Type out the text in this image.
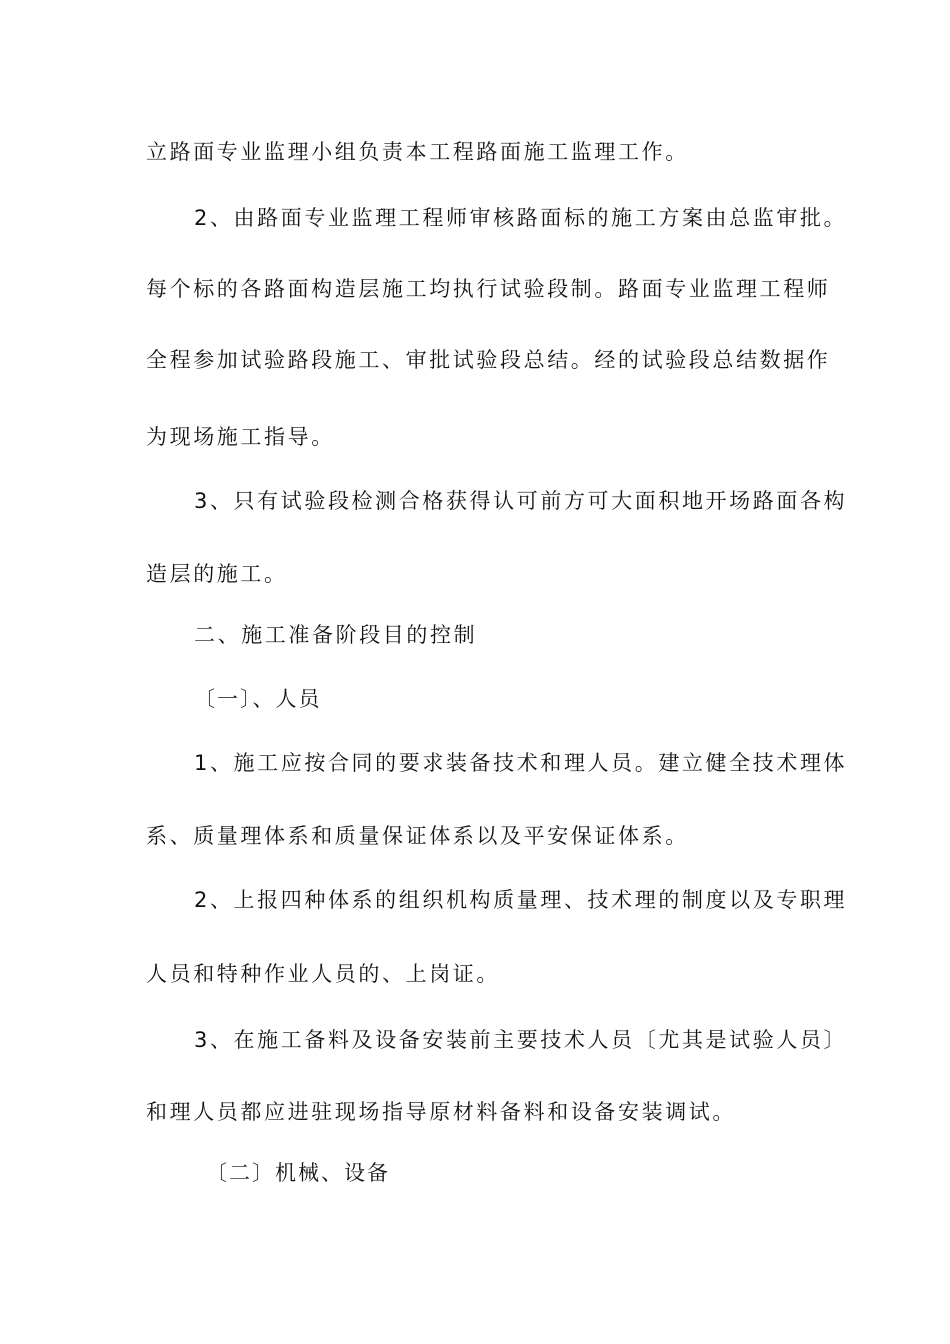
立路面专业监理小组负责本工程路面施工监理工作。
2、由路面专业监理工程师审核路面标的施工方案由总监审批。
每个标的各路面构造层施工均执行试验段制。路面专业监理工程师
全程参加试验路段施工、审批试验段总结。经的试验段总结数据作
为现场施工指导。
3、只有试验段检测合格获得认可前方可大面积地开场路面各构
造层的施工。
二、施工准备阶段目的控制
〔一〕、人员
1、施工应按合同的要求装备技术和理人员。建立健全技术理体
系、质量理体系和质量保证体系以及平安保证体系。
2、上报四种体系的组织机构质量理、技术理的制度以及专职理
人员和特种作业人员的、上岗证。
3、在施工备料及设备安装前主要技术人员〔尤其是试验人员〕
和理人员都应进驻现场指导原材料备料和设备安装调试。
〔二〕机械、设备
